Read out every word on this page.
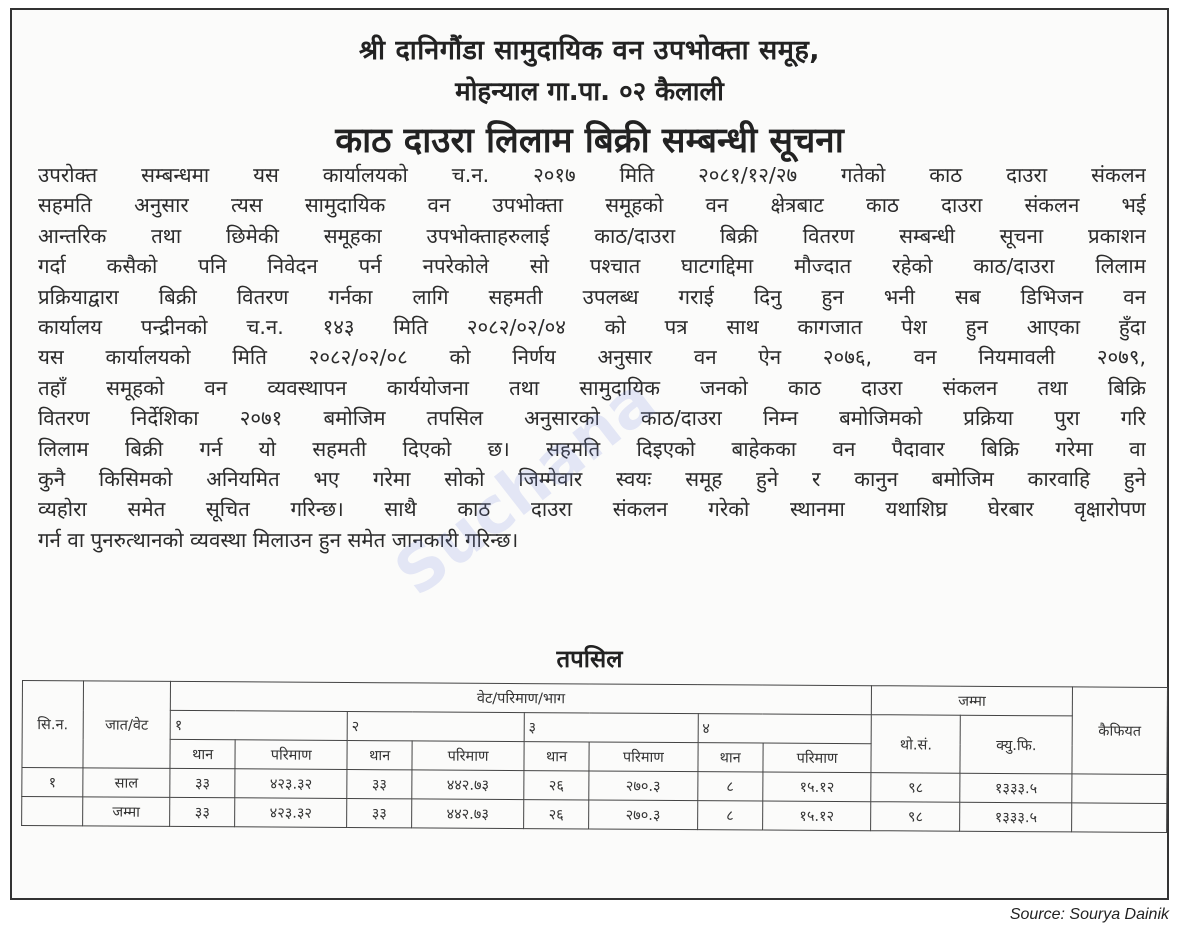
श्री दानिगौंडा सामुदायिक वन उपभोक्ता समूह,
मोहन्याल गा.पा. ०२ कैलाली
काठ दाउरा लिलाम बिक्री सम्बन्धी सूचना
उपरोक्त सम्बन्धमा यस कार्यालयको च.न. २०१७ मिति २०८१/१२/२७ गतेको काठ दाउरा संकलन
सहमति अनुसार त्यस सामुदायिक वन उपभोक्ता समूहको वन क्षेत्रबाट काठ दाउरा संकलन भई
आन्तरिक तथा छिमेकी समूहका उपभोक्ताहरुलाई काठ/दाउरा बिक्री वितरण सम्बन्धी सूचना प्रकाशन
गर्दा कसैको पनि निवेदन पर्न नपरेकोले सो पश्चात घाटगद्दिमा मौज्दात रहेको काठ/दाउरा लिलाम
प्रक्रियाद्वारा बिक्री वितरण गर्नका लागि सहमती उपलब्ध गराई दिनु हुन भनी सब डिभिजन वन
कार्यालय पन्द्रीनको च.न. १४३ मिति २०८२/०२/०४ को पत्र साथ कागजात पेश हुन आएका हुँदा
यस कार्यालयको मिति २०८२/०२/०८ को निर्णय अनुसार वन ऐन २०७६, वन नियमावली २०७९,
तहाँ समूहको वन व्यवस्थापन कार्ययोजना तथा सामुदायिक जनको काठ दाउरा संकलन तथा बिक्रि
वितरण निर्देशिका २०७१ बमोजिम तपसिल अनुसारको काठ/दाउरा निम्न बमोजिमको प्रक्रिया पुरा गरि
लिलाम बिक्री गर्न यो सहमती दिएको छ। सहमति दिइएको बाहेकका वन पैदावार बिक्रि गरेमा वा
कुनै किसिमको अनियमित भए गरेमा सोको जिम्मेवार स्वयः समूह हुने र कानुन बमोजिम कारवाहि हुने
व्यहोरा समेत सूचित गरिन्छ। साथै काठ दाउरा संकलन गरेको स्थानमा यथाशिघ्र घेरबार वृक्षारोपण
गर्न वा पुनरुत्थानको व्यवस्था मिलाउन हुन समेत जानकारी गरिन्छ।
तपसिल
सि.न.	जात/वेट	वेट/परिमाण/भाग								जम्मा		कैफियत
		१		२		३		४		थो.सं.	क्यु.फि.	
		थान	परिमाण	थान	परिमाण	थान	परिमाण	थान	परिमाण			
१	साल	३३	४२३.३२	३३	४४२.७३	२६	२७०.३	८	१५.१२	९८	१३३३.५	
	जम्मा	३३	४२३.३२	३३	४४२.७३	२६	२७०.३	८	१५.१२	९८	१३३३.५	
Suchana
Source: Sourya Dainik
